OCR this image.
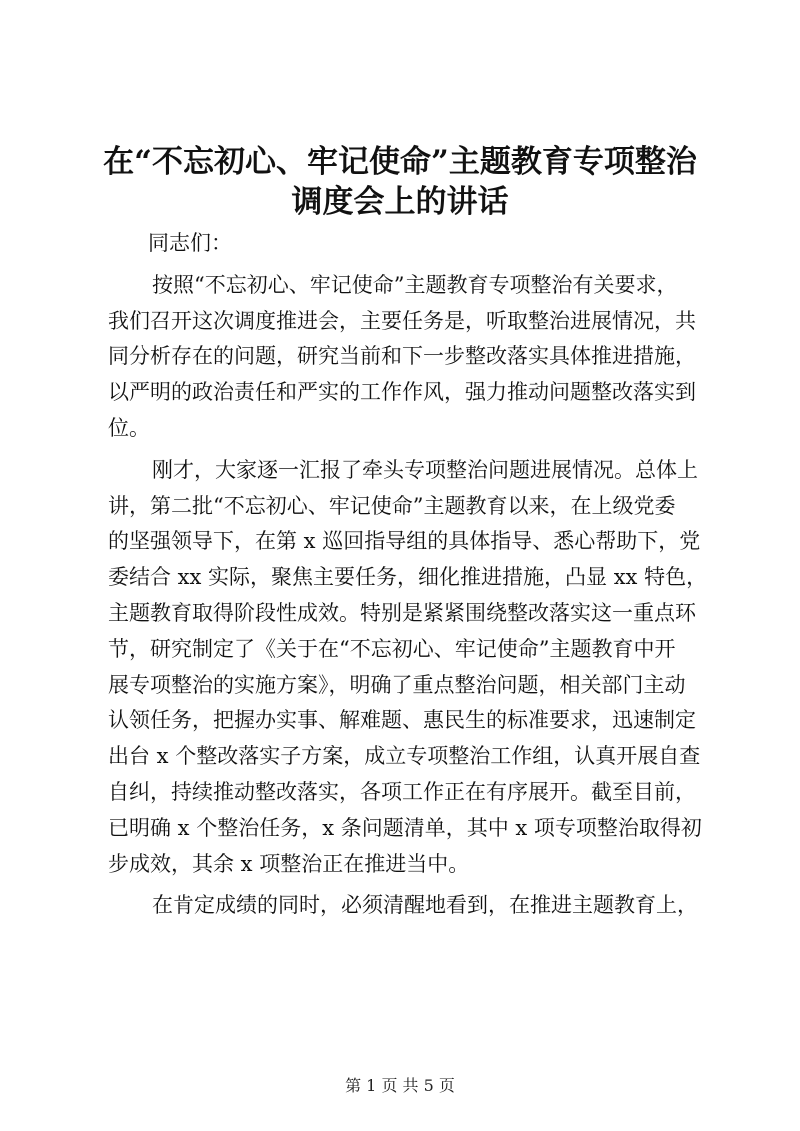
在“不忘初心、牢记使命”主题教育专项整治
调度会上的讲话
同志们：
按照“不忘初心、牢记使命”主题教育专项整治有关要求，
我们召开这次调度推进会，主要任务是，听取整治进展情况，共
同分析存在的问题，研究当前和下一步整改落实具体推进措施，
以严明的政治责任和严实的工作作风，强力推动问题整改落实到
位。
刚才，大家逐一汇报了牵头专项整治问题进展情况。总体上
讲，第二批“不忘初心、牢记使命”主题教育以来，在上级党委
的坚强领导下，在第 x 巡回指导组的具体指导、悉心帮助下，党
委结合 xx 实际，聚焦主要任务，细化推进措施，凸显 xx 特色，
主题教育取得阶段性成效。特别是紧紧围绕整改落实这一重点环
节，研究制定了《关于在“不忘初心、牢记使命”主题教育中开
展专项整治的实施方案》，明确了重点整治问题，相关部门主动
认领任务，把握办实事、解难题、惠民生的标准要求，迅速制定
出台 x 个整改落实子方案，成立专项整治工作组，认真开展自查
自纠，持续推动整改落实，各项工作正在有序展开。截至目前，
已明确 x 个整治任务，x 条问题清单，其中 x 项专项整治取得初
步成效，其余 x 项整治正在推进当中。
在肯定成绩的同时，必须清醒地看到，在推进主题教育上，
第 1 页 共 5 页
